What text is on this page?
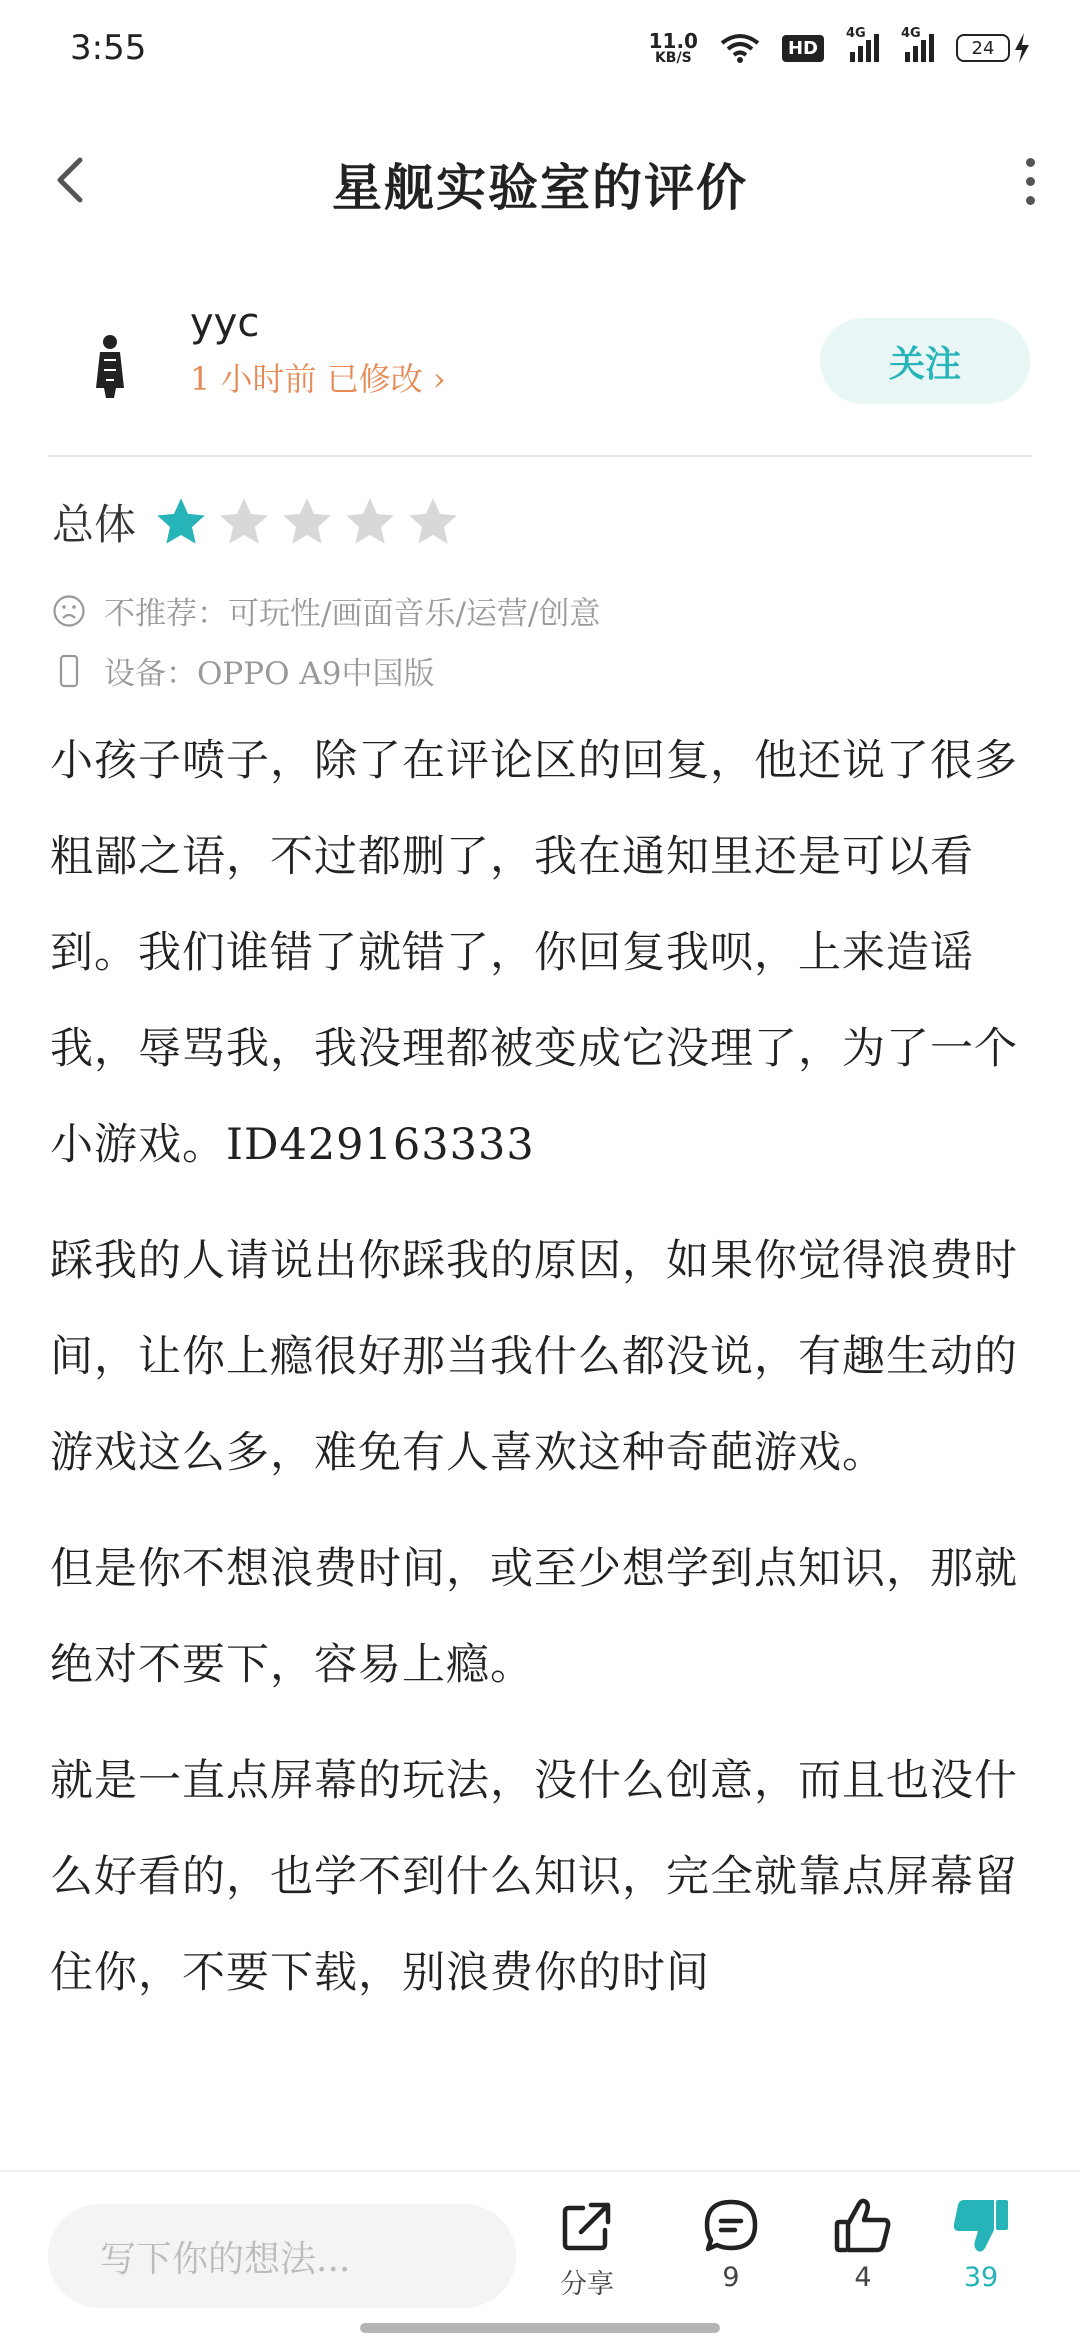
3:55	11.0
KB/S	HD
4G	4G
24
星舰实验室的评价
yyc
1 小时前 已修改 ›	关注
总体
不推荐：可玩性/画面音乐/运营/创意
设备：OPPO A9中国版

小孩子喷子，除了在评论区的回复，他还说了很多粗鄙之语，不过都删了，我在通知里还是可以看到。我们谁错了就错了，你回复我呗，上来造谣我，辱骂我，我没理都被变成它没理了，为了一个小游戏。ID429163333

踩我的人请说出你踩我的原因，如果你觉得浪费时间，让你上瘾很好那当我什么都没说，有趣生动的游戏这么多，难免有人喜欢这种奇葩游戏。

但是你不想浪费时间，或至少想学到点知识，那就绝对不要下，容易上瘾。

就是一直点屏幕的玩法，没什么创意，而且也没什么好看的，也学不到什么知识，完全就靠点屏幕留住你，不要下载，别浪费你的时间

写下你的想法...
分享	9	4	39
